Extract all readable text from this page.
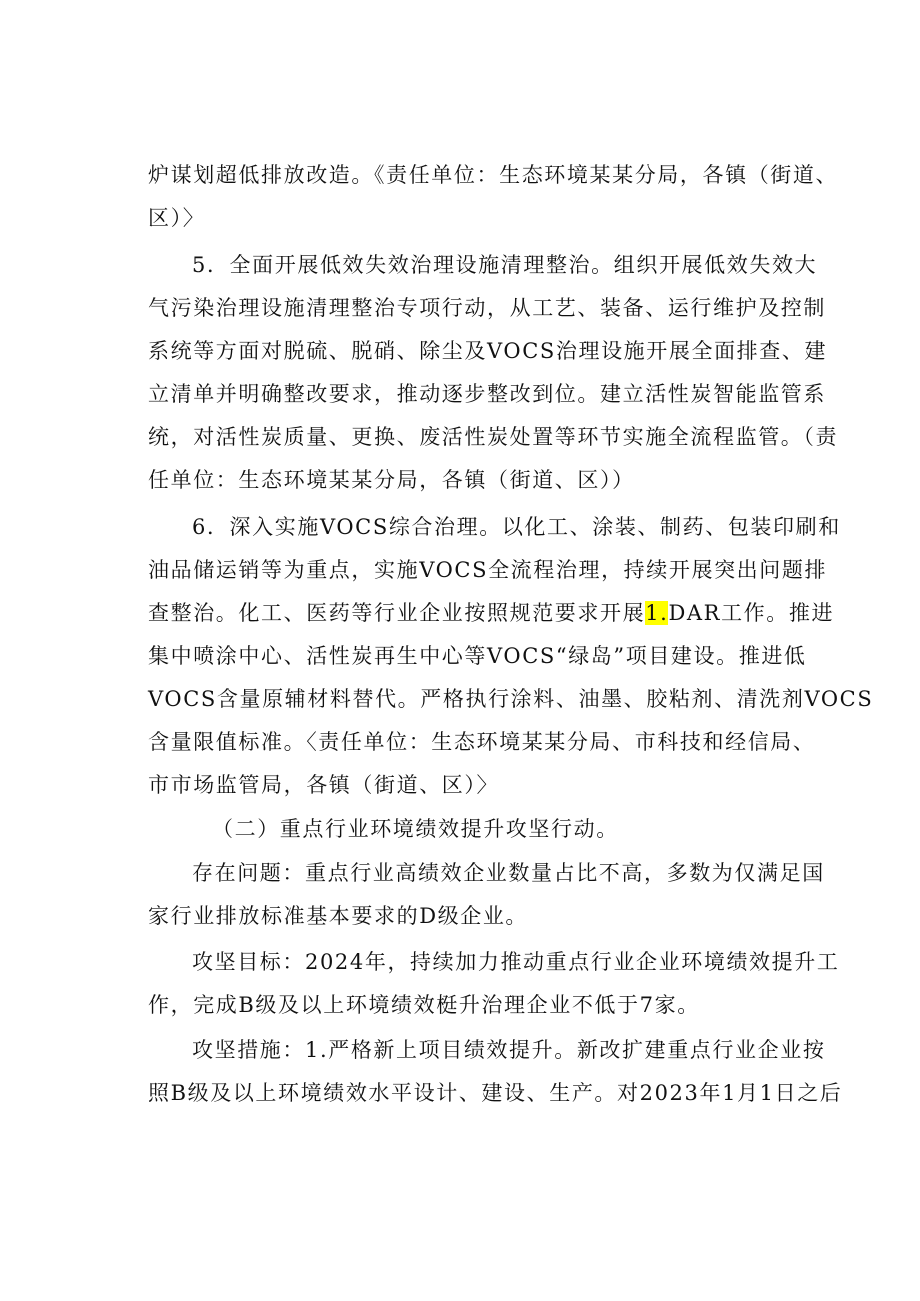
炉谋划超低排放改造。《责任单位：生态环境某某分局，各镇（街道、
区）〉
5．全面开展低效失效治理设施清理整治。组织开展低效失效大
气污染治理设施清理整治专项行动，从工艺、装备、运行维护及控制
系统等方面对脱硫、脱硝、除尘及VOCS治理设施开展全面排查、建
立清单并明确整改要求，推动逐步整改到位。建立活性炭智能监管系
统，对活性炭质量、更换、废活性炭处置等环节实施全流程监管。（责
任单位：生态环境某某分局，各镇（街道、区））
6．深入实施VOCS综合治理。以化工、涂装、制药、包装印刷和
油品储运销等为重点，实施VOCS全流程治理，持续开展突出问题排
查整治。化工、医药等行业企业按照规范要求开展1.DAR工作。推进
集中喷涂中心、活性炭再生中心等VOCS“绿岛”项目建设。推进低
VOCS含量原辅材料替代。严格执行涂料、油墨、胶粘剂、清洗剂VOCS
含量限值标准。〈责任单位：生态环境某某分局、市科技和经信局、
市市场监管局，各镇（街道、区）〉
（二）重点行业环境绩效提升攻坚行动。
存在问题：重点行业高绩效企业数量占比不高，多数为仅满足国
家行业排放标准基本要求的D级企业。
攻坚目标：2024年，持续加力推动重点行业企业环境绩效提升工
作，完成B级及以上环境绩效梃升治理企业不低于7家。
攻坚措施：1.严格新上项目绩效提升。新改扩建重点行业企业按
照B级及以上环境绩效水平设计、建设、生产。对2023年1月1日之后
